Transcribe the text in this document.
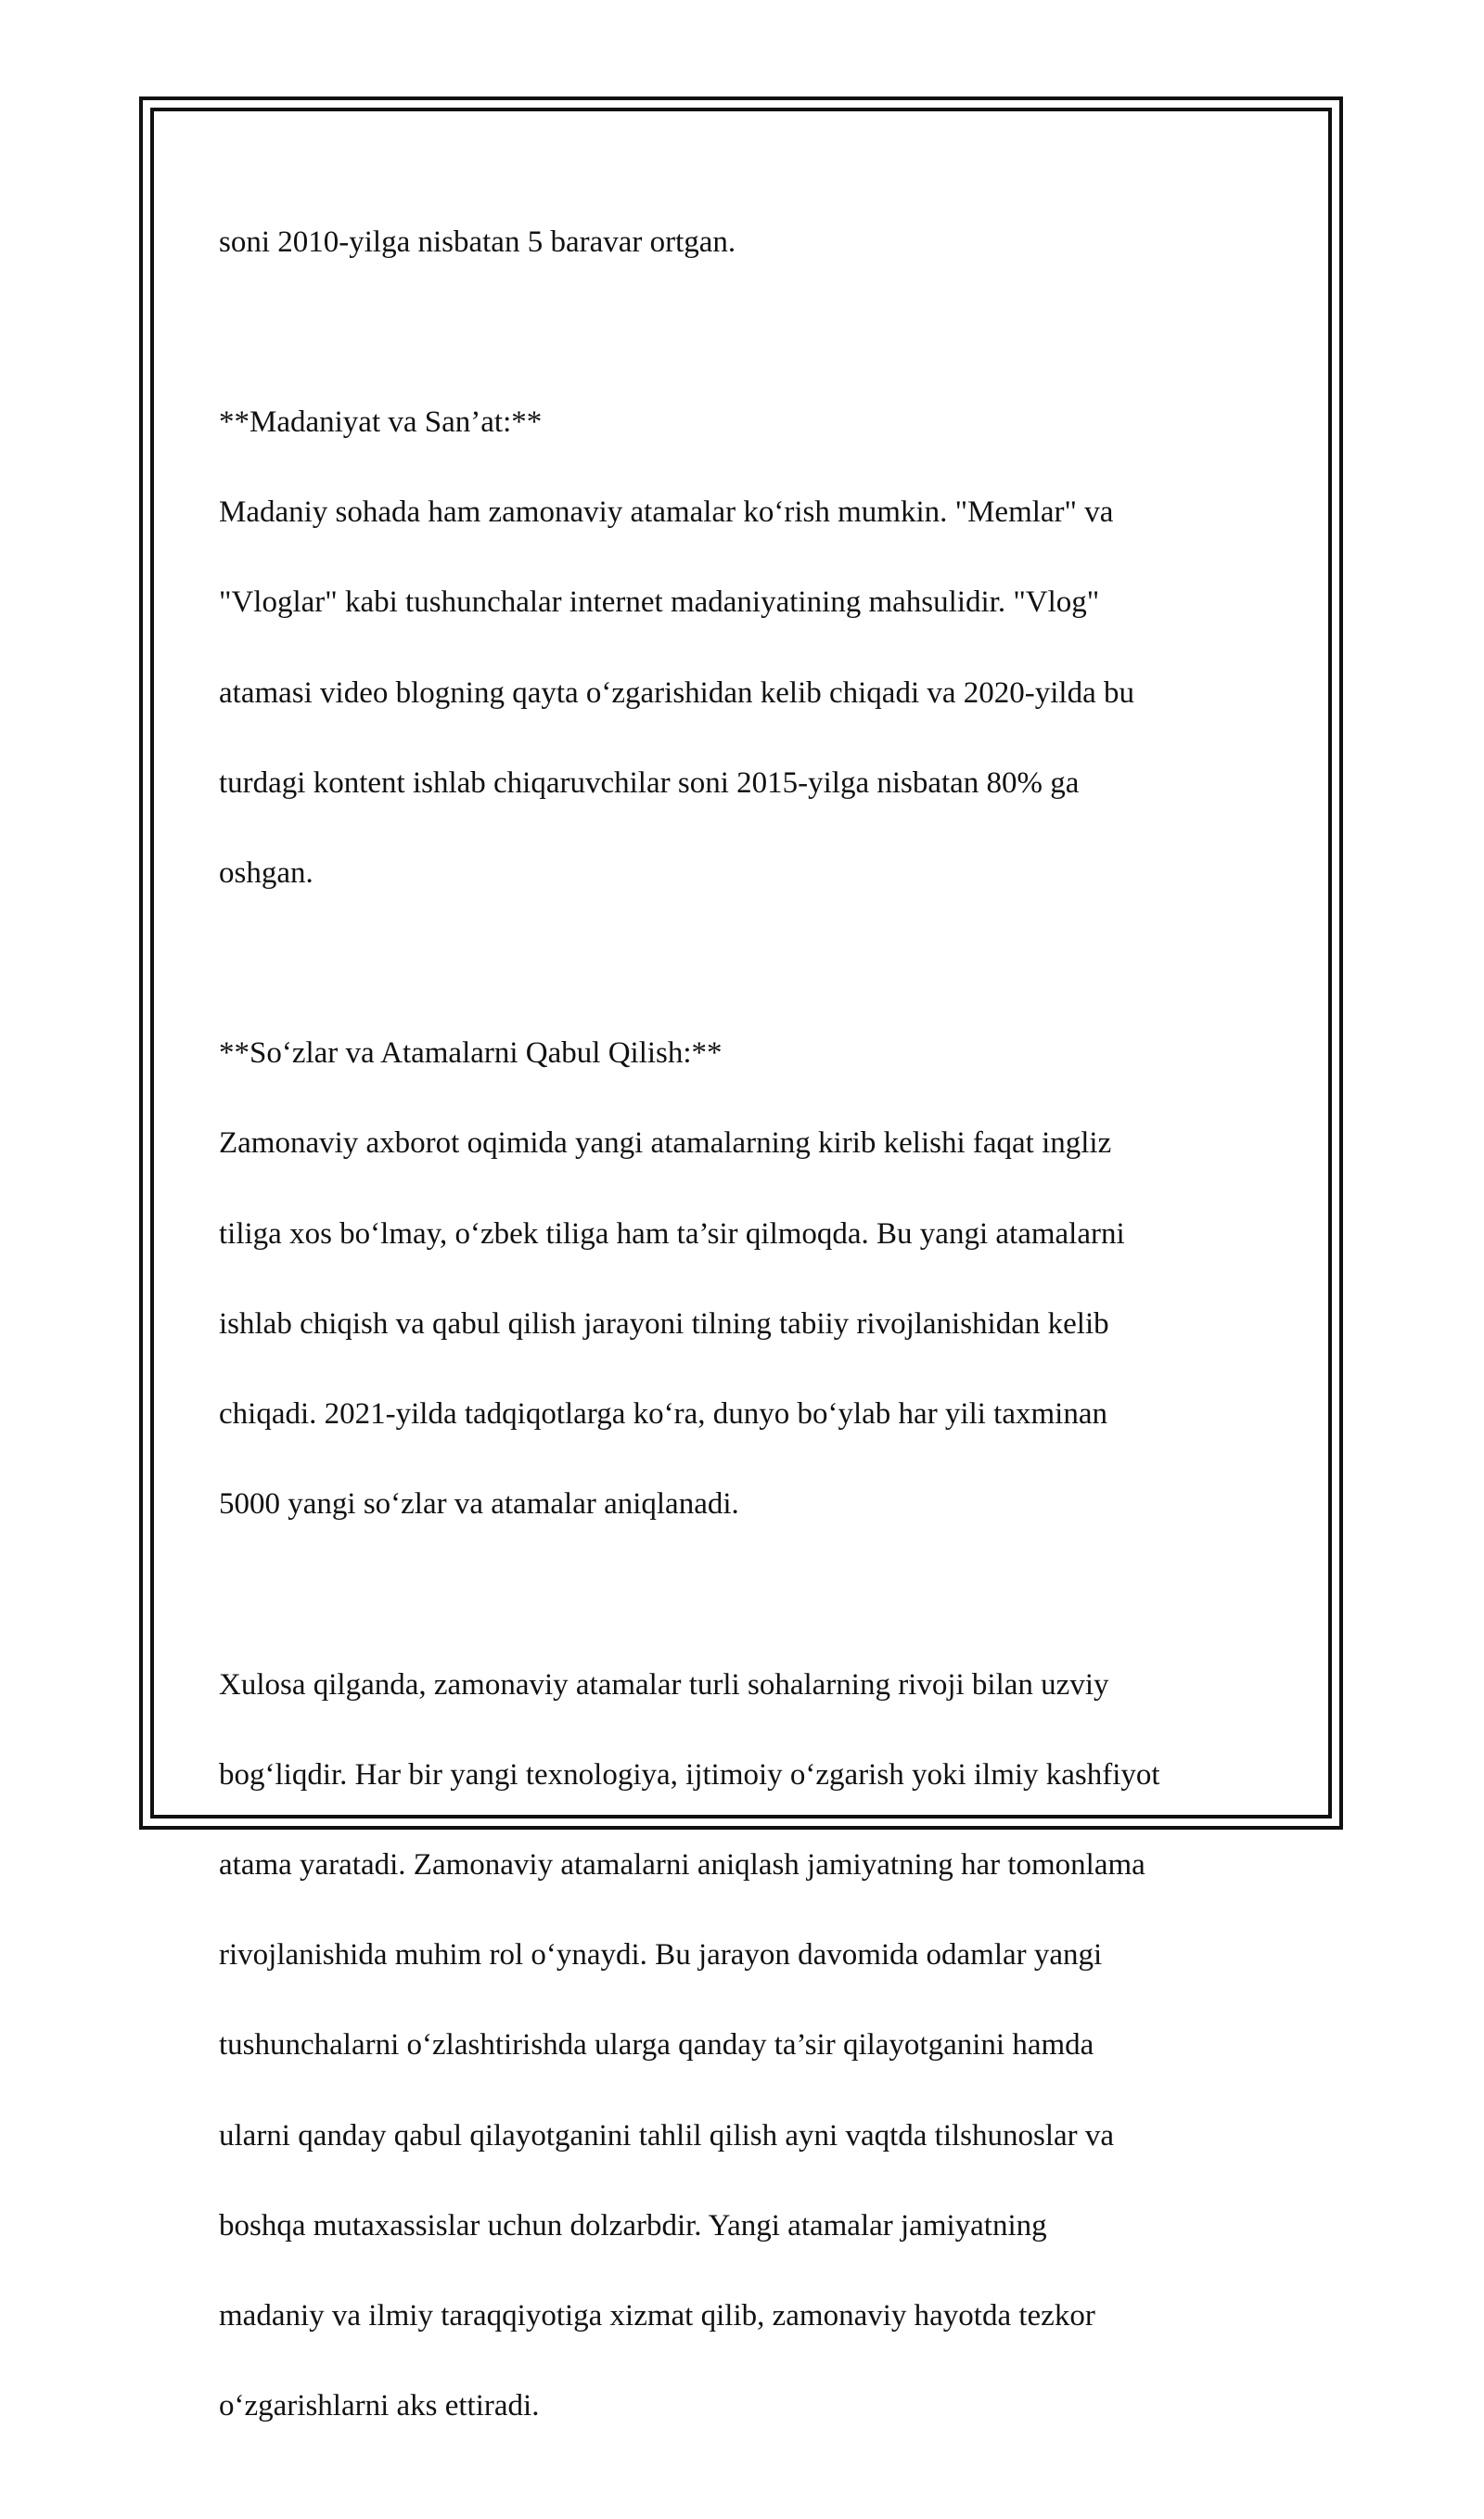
soni 2010-yilga nisbatan 5 baravar ortgan.

**Madaniyat va San’at:**

Madaniy sohada ham zamonaviy atamalar ko‘rish mumkin. "Memlar" va

"Vloglar" kabi tushunchalar internet madaniyatining mahsulidir. "Vlog"

atamasi video blogning qayta o‘zgarishidan kelib chiqadi va 2020-yilda bu

turdagi kontent ishlab chiqaruvchilar soni 2015-yilga nisbatan 80% ga

oshgan.

**So‘zlar va Atamalarni Qabul Qilish:**

Zamonaviy axborot oqimida yangi atamalarning kirib kelishi faqat ingliz

tiliga xos bo‘lmay, o‘zbek tiliga ham ta’sir qilmoqda. Bu yangi atamalarni

ishlab chiqish va qabul qilish jarayoni tilning tabiiy rivojlanishidan kelib

chiqadi. 2021-yilda tadqiqotlarga ko‘ra, dunyo bo‘ylab har yili taxminan

5000 yangi so‘zlar va atamalar aniqlanadi.

Xulosa qilganda, zamonaviy atamalar turli sohalarning rivoji bilan uzviy

bog‘liqdir. Har bir yangi texnologiya, ijtimoiy o‘zgarish yoki ilmiy kashfiyot

atama yaratadi. Zamonaviy atamalarni aniqlash jamiyatning har tomonlama

rivojlanishida muhim rol o‘ynaydi. Bu jarayon davomida odamlar yangi

tushunchalarni o‘zlashtirishda ularga qanday ta’sir qilayotganini hamda

ularni qanday qabul qilayotganini tahlil qilish ayni vaqtda tilshunoslar va

boshqa mutaxassislar uchun dolzarbdir. Yangi atamalar jamiyatning

madaniy va ilmiy taraqqiyotiga xizmat qilib, zamonaviy hayotda tezkor

o‘zgarishlarni aks ettiradi.
